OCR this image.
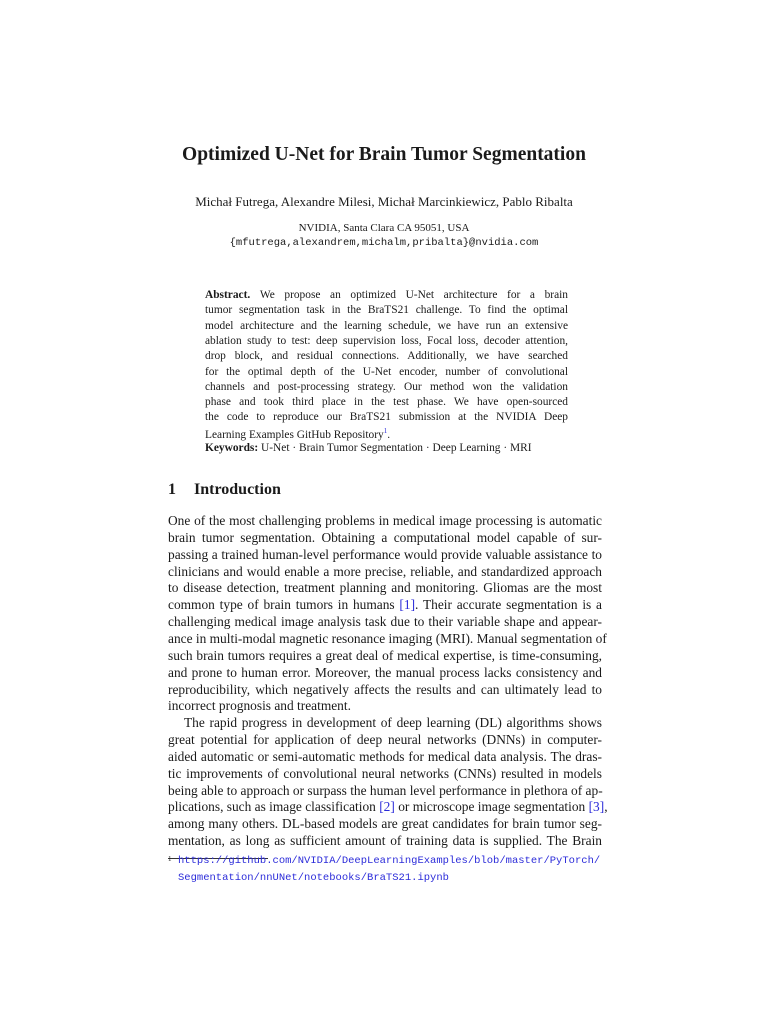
Optimized U-Net for Brain Tumor Segmentation
Michał Futrega, Alexandre Milesi, Michał Marcinkiewicz, Pablo Ribalta
NVIDIA, Santa Clara CA 95051, USA
{mfutrega,alexandrem,michalm,pribalta}@nvidia.com
Abstract. We propose an optimized U-Net architecture for a brain
tumor segmentation task in the BraTS21 challenge. To find the optimal
model architecture and the learning schedule, we have run an extensive
ablation study to test: deep supervision loss, Focal loss, decoder attention,
drop block, and residual connections. Additionally, we have searched
for the optimal depth of the U-Net encoder, number of convolutional
channels and post-processing strategy. Our method won the validation
phase and took third place in the test phase. We have open-sourced
the code to reproduce our BraTS21 submission at the NVIDIA Deep
Learning Examples GitHub Repository$^1$.
Keywords: U-Net · Brain Tumor Segmentation · Deep Learning · MRI
1 Introduction
One of the most challenging problems in medical image processing is automatic
brain tumor segmentation. Obtaining a computational model capable of sur-
passing a trained human-level performance would provide valuable assistance to
clinicians and would enable a more precise, reliable, and standardized approach
to disease detection, treatment planning and monitoring. Gliomas are the most
common type of brain tumors in humans [1]. Their accurate segmentation is a
challenging medical image analysis task due to their variable shape and appear-
ance in multi-modal magnetic resonance imaging (MRI). Manual segmentation of
such brain tumors requires a great deal of medical expertise, is time-consuming,
and prone to human error. Moreover, the manual process lacks consistency and
reproducibility, which negatively affects the results and can ultimately lead to
incorrect prognosis and treatment.
The rapid progress in development of deep learning (DL) algorithms shows
great potential for application of deep neural networks (DNNs) in computer-
aided automatic or semi-automatic methods for medical data analysis. The dras-
tic improvements of convolutional neural networks (CNNs) resulted in models
being able to approach or surpass the human level performance in plethora of ap-
plications, such as image classification [2] or microscope image segmentation [3],
among many others. DL-based models are great candidates for brain tumor seg-
mentation, as long as sufficient amount of training data is supplied. The Brain
1 https://github.com/NVIDIA/DeepLearningExamples/blob/master/PyTorch/
Segmentation/nnUNet/notebooks/BraTS21.ipynb
